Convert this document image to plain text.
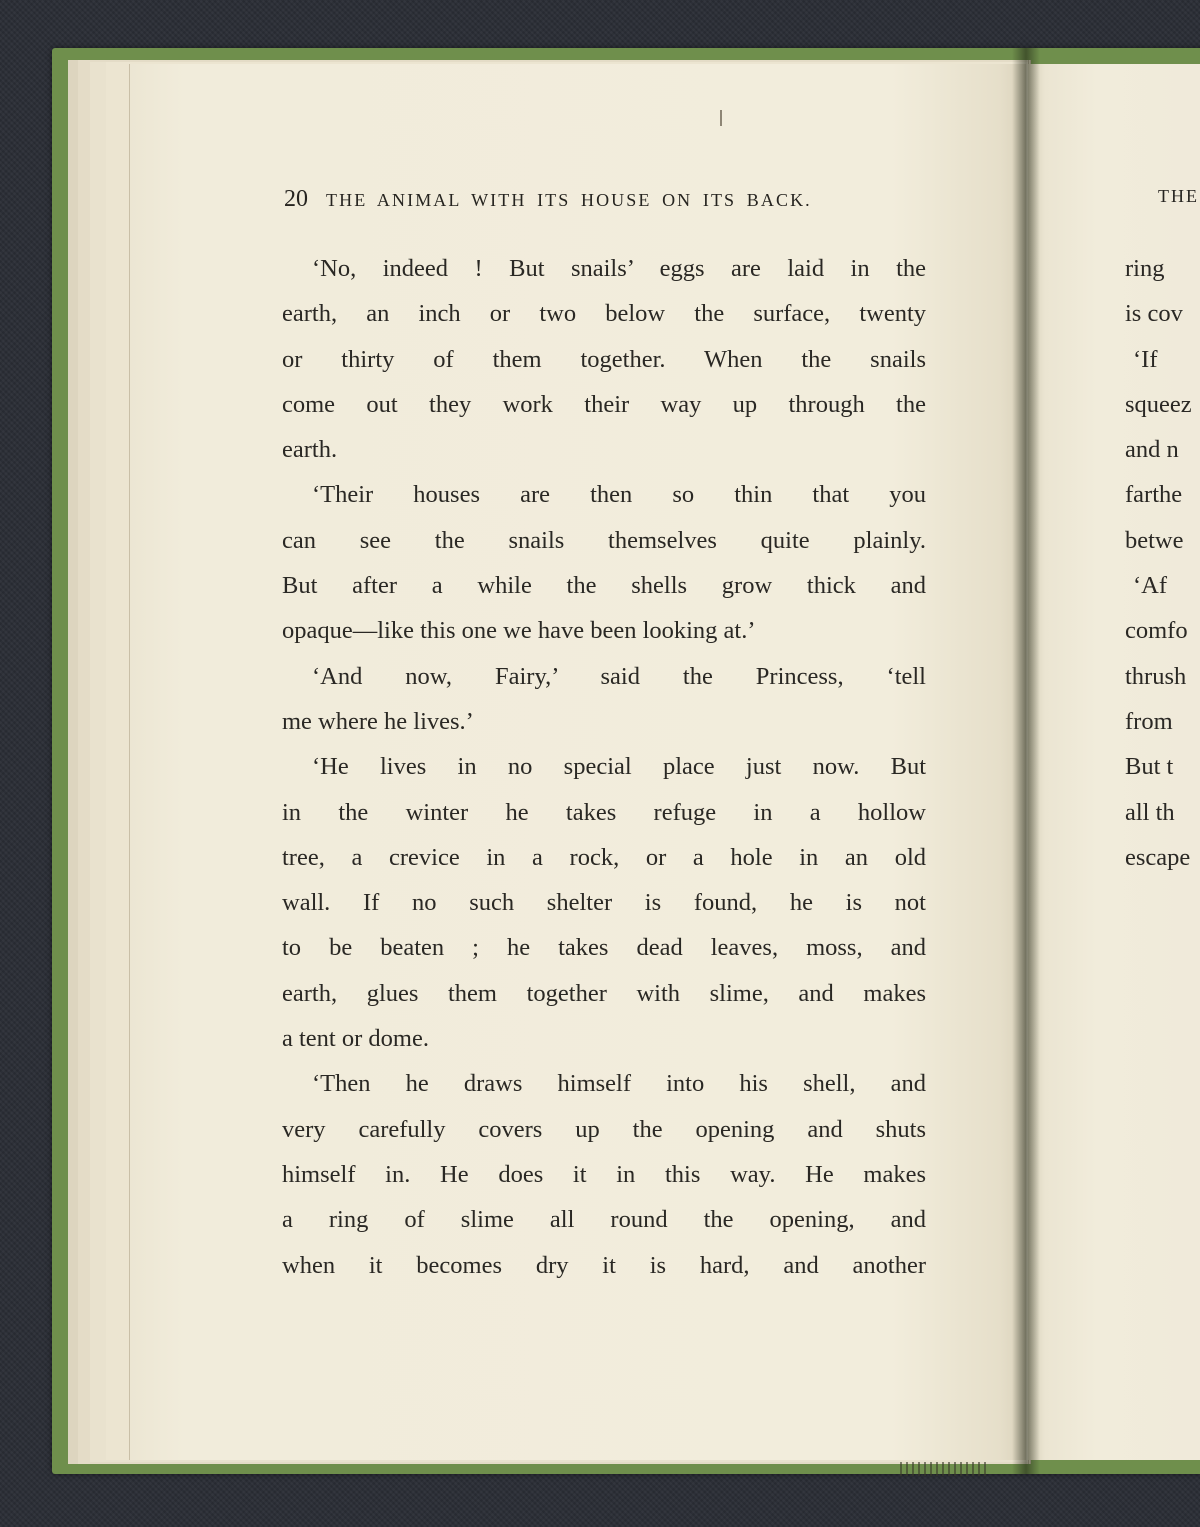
20 THE ANIMAL WITH ITS HOUSE ON ITS BACK.
‘No, indeed ! But snails’ eggs are laid in the
earth, an inch or two below the surface, twenty
or thirty of them together. When the snails
come out they work their way up through the
earth.
‘Their houses are then so thin that you
can see the snails themselves quite plainly.
But after a while the shells grow thick and
opaque—like this one we have been looking at.’
‘And now, Fairy,’ said the Princess, ‘tell
me where he lives.’
‘He lives in no special place just now. But
in the winter he takes refuge in a hollow
tree, a crevice in a rock, or a hole in an old
wall. If no such shelter is found, he is not
to be beaten ; he takes dead leaves, moss, and
earth, glues them together with slime, and makes
a tent or dome.
‘Then he draws himself into his shell, and
very carefully covers up the opening and shuts
himself in. He does it in this way. He makes
a ring of slime all round the opening, and
when it becomes dry it is hard, and another
THE
ring
is cov
‘If
squeez
and n
farthe
betwe
‘Af
comfo
thrush
from
But t
all th
escape
